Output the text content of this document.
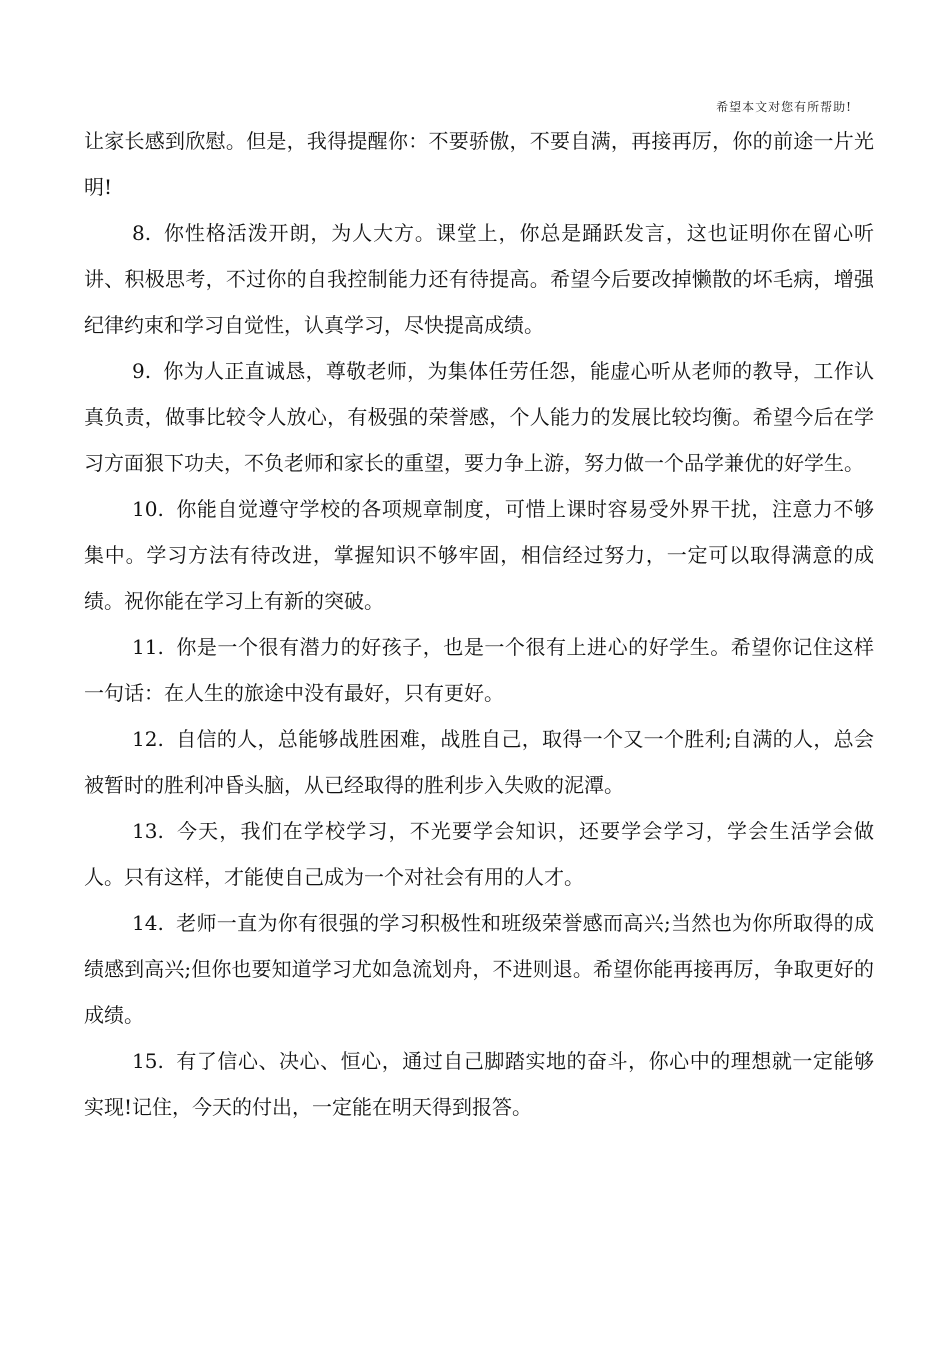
希望本文对您有所帮助!

让家长感到欣慰。但是，我得提醒你：不要骄傲，不要自满，再接再厉，你的前途一片光明!

8. 你性格活泼开朗，为人大方。课堂上，你总是踊跃发言，这也证明你在留心听讲、积极思考，不过你的自我控制能力还有待提高。希望今后要改掉懒散的坏毛病，增强纪律约束和学习自觉性，认真学习，尽快提高成绩。

9. 你为人正直诚恳，尊敬老师，为集体任劳任怨，能虚心听从老师的教导，工作认真负责，做事比较令人放心，有极强的荣誉感，个人能力的发展比较均衡。希望今后在学习方面狠下功夫，不负老师和家长的重望，要力争上游，努力做一个品学兼优的好学生。

10. 你能自觉遵守学校的各项规章制度，可惜上课时容易受外界干扰，注意力不够集中。学习方法有待改进，掌握知识不够牢固，相信经过努力，一定可以取得满意的成绩。祝你能在学习上有新的突破。

11. 你是一个很有潜力的好孩子，也是一个很有上进心的好学生。希望你记住这样一句话：在人生的旅途中没有最好，只有更好。

12. 自信的人，总能够战胜困难，战胜自己，取得一个又一个胜利;自满的人，总会被暂时的胜利冲昏头脑，从已经取得的胜利步入失败的泥潭。

13. 今天，我们在学校学习，不光要学会知识，还要学会学习，学会生活学会做人。只有这样，才能使自己成为一个对社会有用的人才。

14. 老师一直为你有很强的学习积极性和班级荣誉感而高兴;当然也为你所取得的成绩感到高兴;但你也要知道学习尤如急流划舟，不进则退。希望你能再接再厉，争取更好的成绩。

15. 有了信心、决心、恒心，通过自己脚踏实地的奋斗，你心中的理想就一定能够实现!记住，今天的付出，一定能在明天得到报答。
